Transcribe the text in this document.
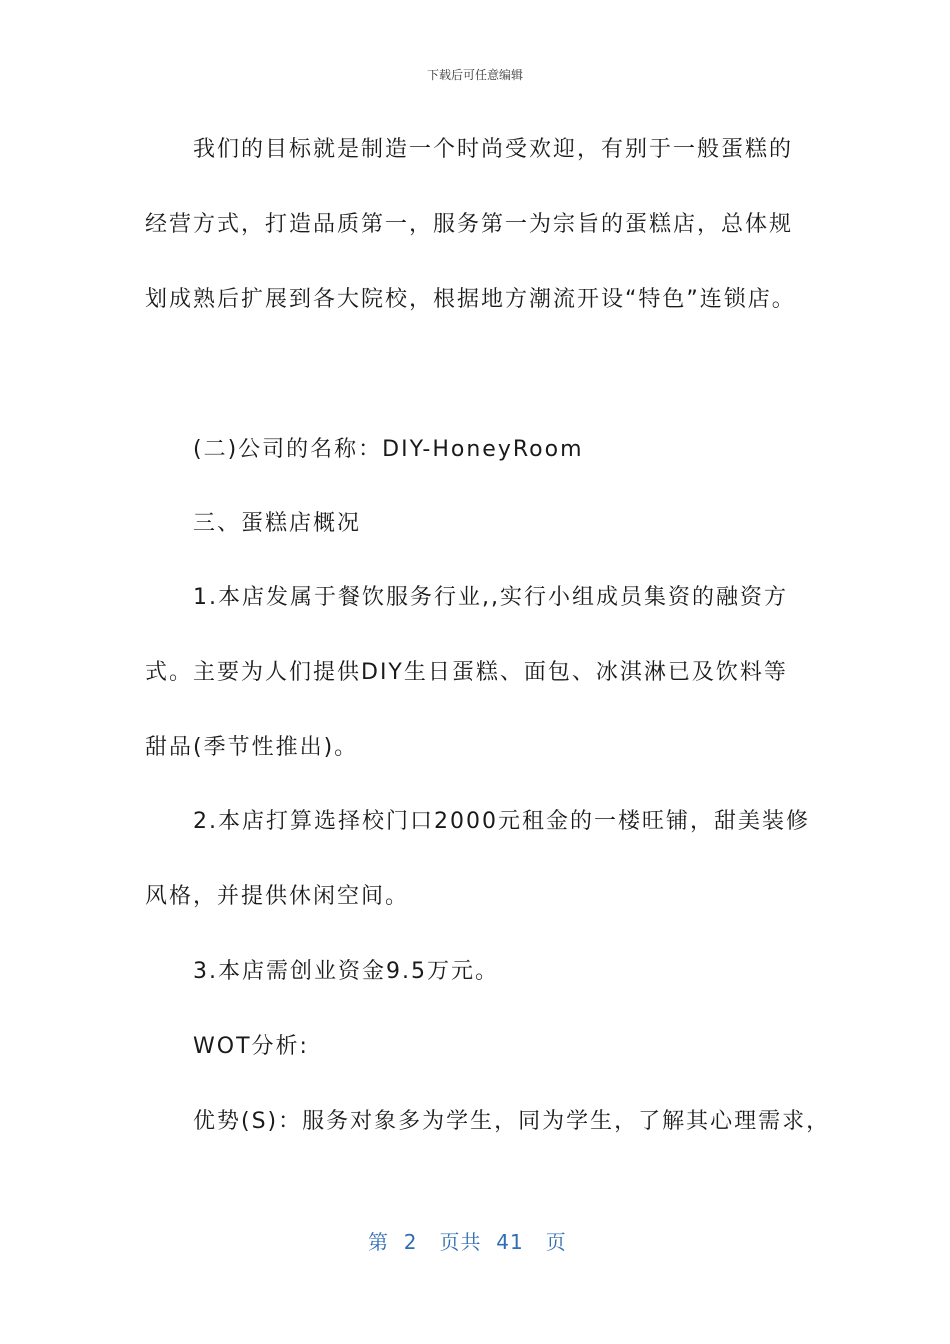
下载后可任意编辑
我们的目标就是制造一个时尚受欢迎，有别于一般蛋糕的
经营方式，打造品质第一，服务第一为宗旨的蛋糕店，总体规
划成熟后扩展到各大院校，根据地方潮流开设“特色”连锁店。
(二)公司的名称：DIY-HoneyRoom
三、蛋糕店概况
1.本店发属于餐饮服务行业,,实行小组成员集资的融资方
式。主要为人们提供DIY生日蛋糕、面包、冰淇淋已及饮料等
甜品(季节性推出)。
2.本店打算选择校门口2000元租金的一楼旺铺，甜美装修
风格，并提供休闲空间。
3.本店需创业资金9.5万元。
WOT分析:
优势(S)：服务对象多为学生，同为学生，了解其心理需求，
第  2   页共  41   页
